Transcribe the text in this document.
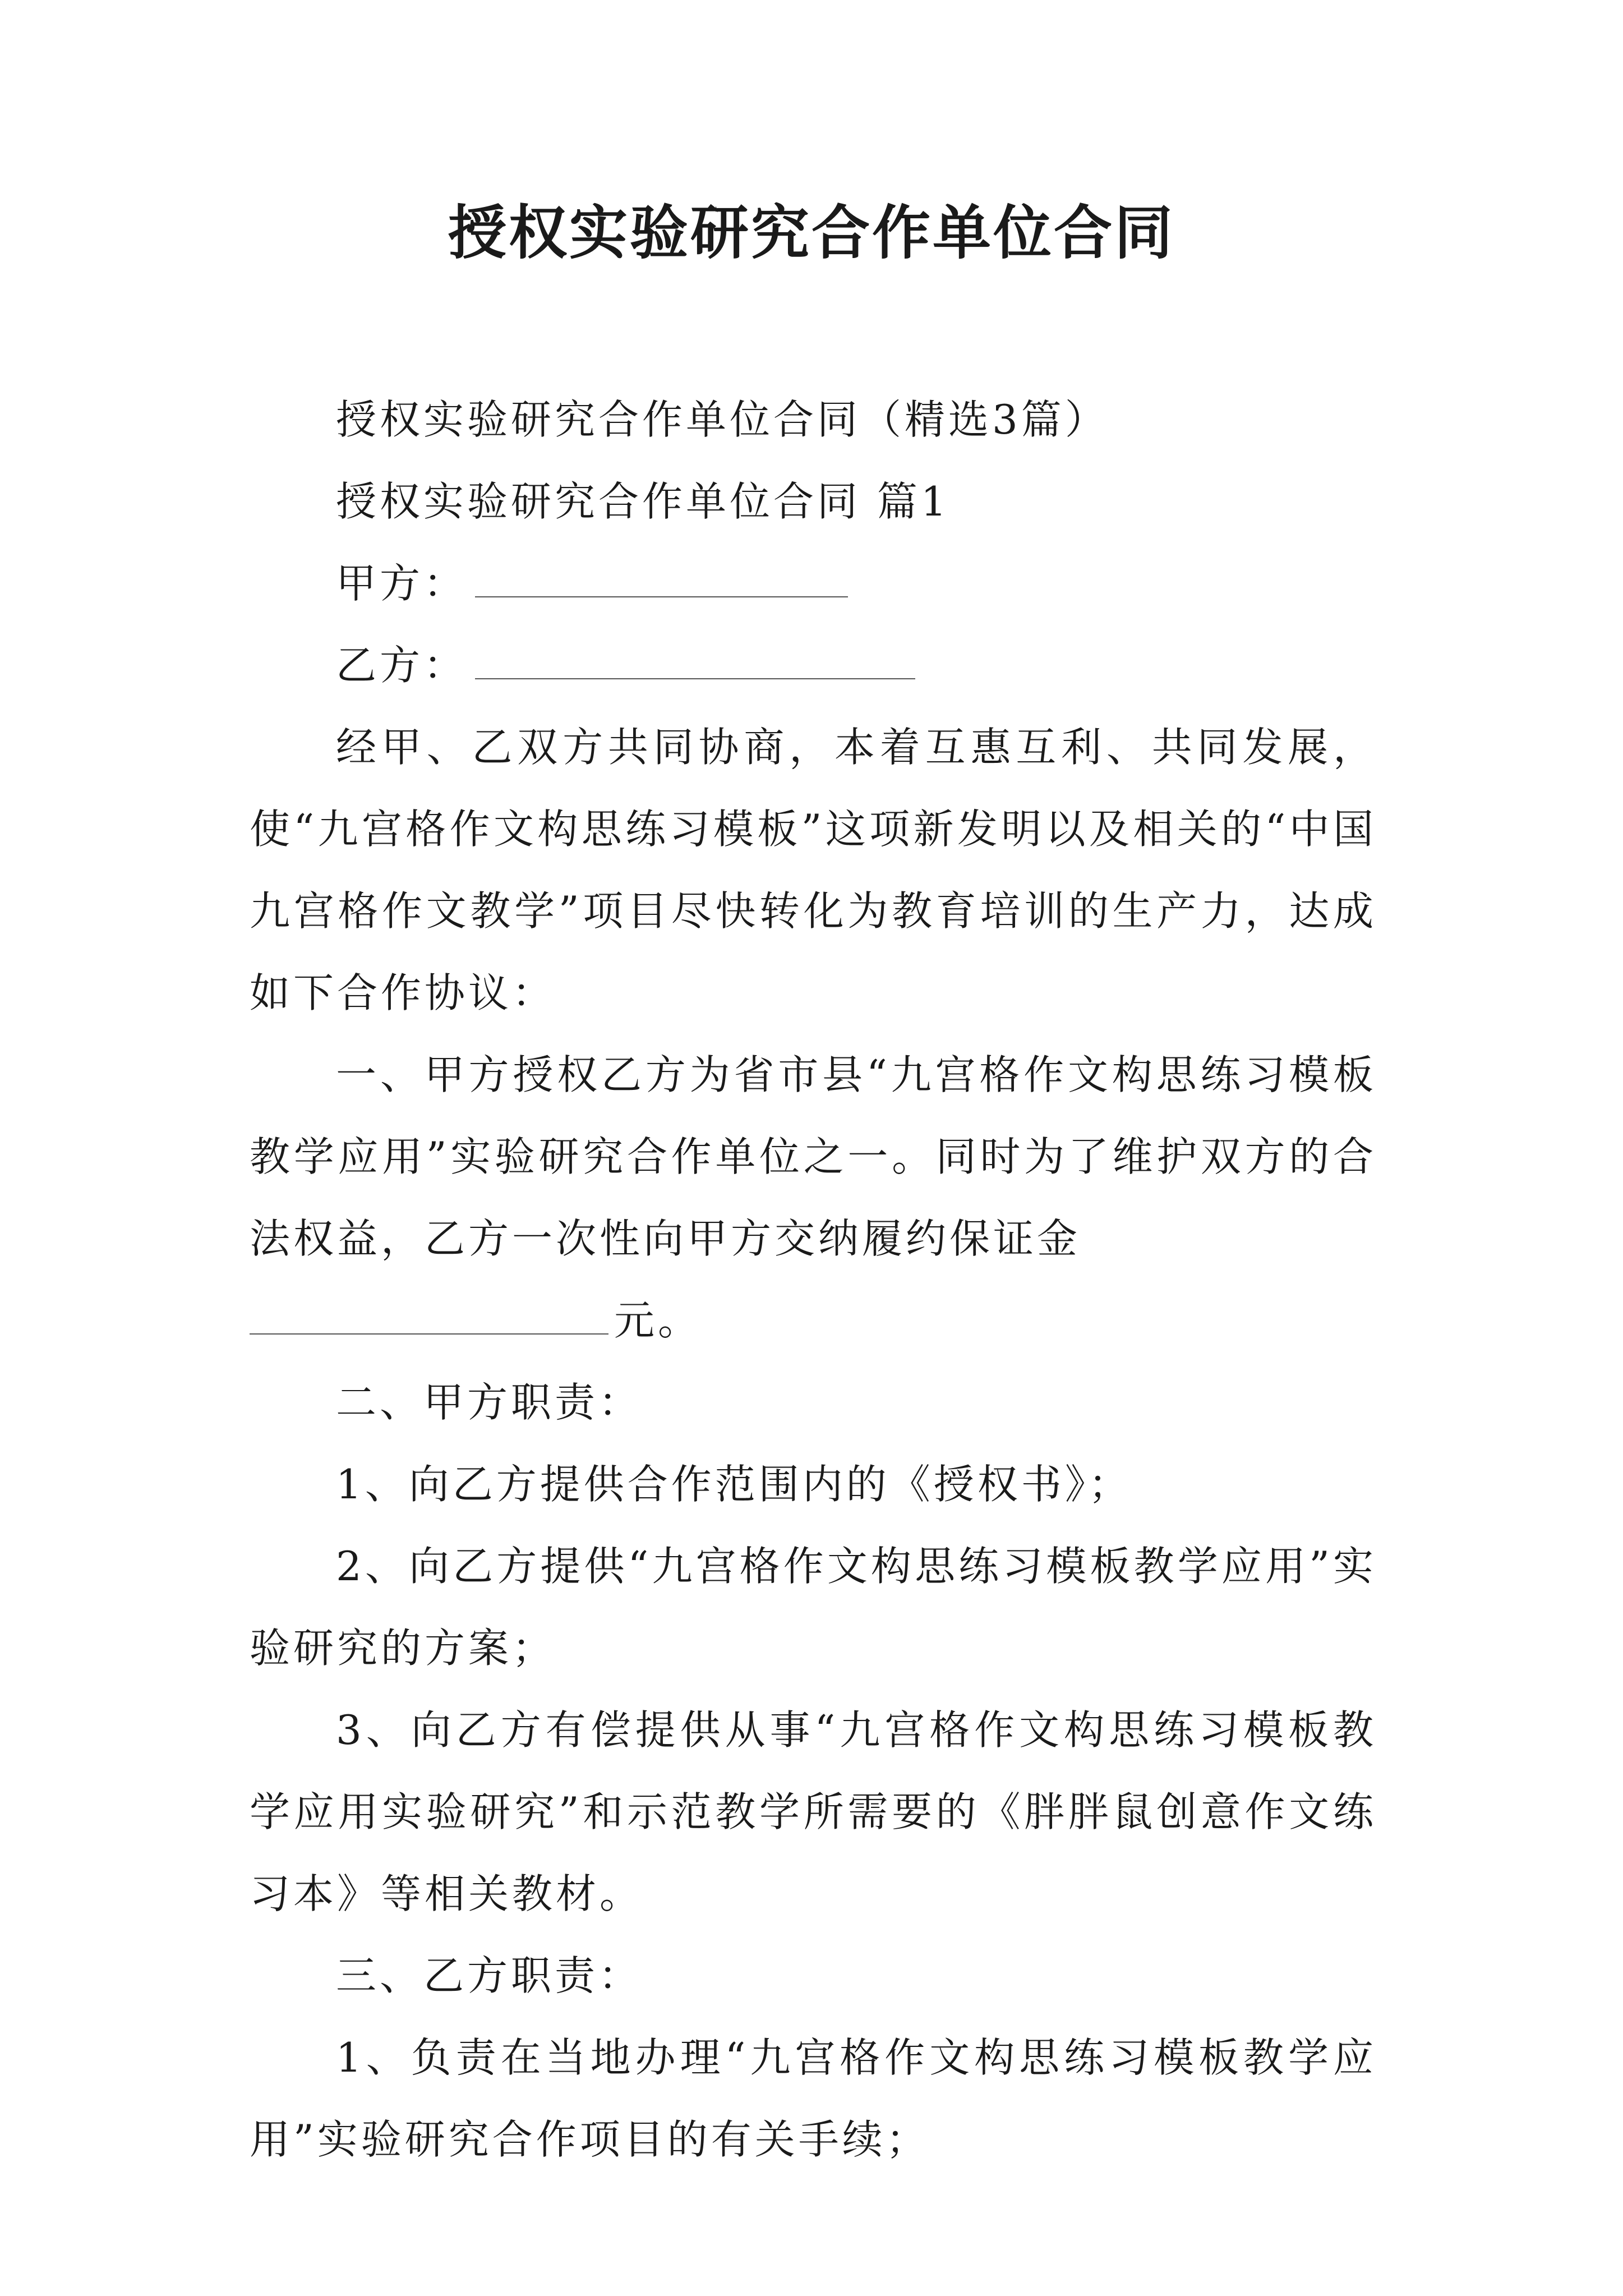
授权实验研究合作单位合同

授权实验研究合作单位合同（精选3篇）

授权实验研究合作单位合同 篇1

甲方：

乙方：

经甲、乙双方共同协商，本着互惠互利、共同发展，使“九宫格作文构思练习模板”这项新发明以及相关的“中国九宫格作文教学”项目尽快转化为教育培训的生产力，达成如下合作协议：

一、甲方授权乙方为省市县“九宫格作文构思练习模板教学应用”实验研究合作单位之一。同时为了维护双方的合法权益，乙方一次性向甲方交纳履约保证金
元。

二、甲方职责：

1、向乙方提供合作范围内的《授权书》；

2、向乙方提供“九宫格作文构思练习模板教学应用”实验研究的方案；

3、向乙方有偿提供从事“九宫格作文构思练习模板教学应用实验研究”和示范教学所需要的《胖胖鼠创意作文练习本》等相关教材。

三、乙方职责：

1、负责在当地办理“九宫格作文构思练习模板教学应用”实验研究合作项目的有关手续；
